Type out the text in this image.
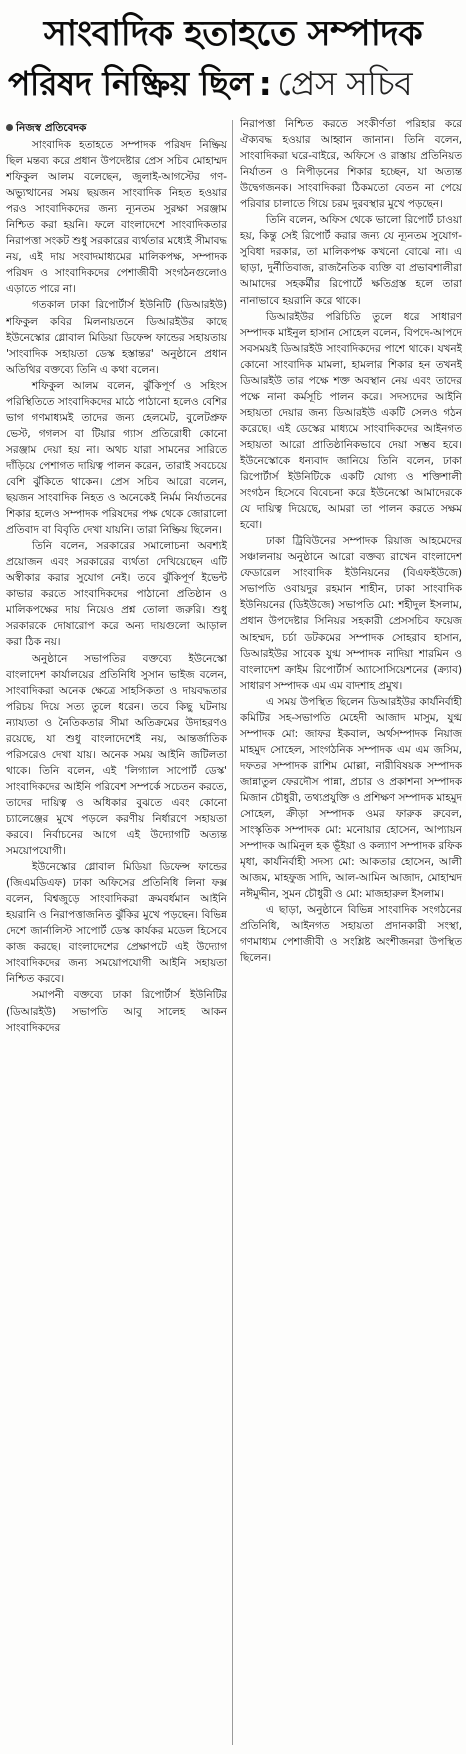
সাংবাদিক হতাহতে সম্পাদক
পরিষদ নিষ্ক্রিয় ছিল : প্রেস সচিব
নিজস্ব প্রতিবেদক

সাংবাদিক হতাহতে সম্পাদক পরিষদ নিষ্ক্রিয় ছিল মন্তব্য করে প্রধান উপদেষ্টার প্রেস সচিব মোহাম্মদ শফিকুল আলম বলেছেন, জুলাই-আগস্টের গণ-অভ্যুত্থানের সময় ছয়জন সাংবাদিক নিহত হওয়ার পরও সাংবাদিকদের জন্য ন্যূনতম সুরক্ষা সরঞ্জাম নিশ্চিত করা হয়নি। ফলে বাংলাদেশে সাংবাদিকতার নিরাপত্তা সংকট শুধু সরকারের ব্যর্থতার মধ্যেই সীমাবদ্ধ নয়, এই দায় সংবাদমাধ্যমের মালিকপক্ষ, সম্পাদক পরিষদ ও সাংবাদিকদের পেশাজীবী সংগঠনগুলোও এড়াতে পারে না।

গতকাল ঢাকা রিপোর্টার্স ইউনিটি (ডিআরইউ) শফিকুল কবির মিলনায়তনে ডিআরইউর কাছে ইউনেস্কোর গ্লোবাল মিডিয়া ডিফেন্স ফান্ডের সহায়তায় 'সাংবাদিক সহায়তা ডেস্ক হস্তান্তর' অনুষ্ঠানে প্রধান অতিথির বক্তব্যে তিনি এ কথা বলেন।

শফিকুল আলম বলেন, ঝুঁকিপূর্ণ ও সহিংস পরিস্থিতিতে সাংবাদিকদের মাঠে পাঠানো হলেও বেশির ভাগ গণমাধ্যমই তাদের জন্য হেলমেট, বুলেটপ্রুফ ভেস্ট, গগলস বা টিয়ার গ্যাস প্রতিরোধী কোনো সরঞ্জাম দেয়া হয় না। অথচ যারা সামনের সারিতে দাঁড়িয়ে পেশাগত দায়িত্ব পালন করেন, তারাই সবচেয়ে বেশি ঝুঁকিতে থাকেন। প্রেস সচিব আরো বলেন, ছয়জন সাংবাদিক নিহত ও অনেকেই নির্মম নির্যাতনের শিকার হলেও সম্পাদক পরিষদের পক্ষ থেকে জোরালো প্রতিবাদ বা বিবৃতি দেখা যায়নি। তারা নিষ্ক্রিয় ছিলেন।

তিনি বলেন, সরকারের সমালোচনা অবশ্যই প্রয়োজন এবং সরকারের ব্যর্থতা দেখিয়েছেন এটি অস্বীকার করার সুযোগ নেই। তবে ঝুঁকিপূর্ণ ইভেন্ট কাভার করতে সাংবাদিকদের পাঠানো প্রতিষ্ঠান ও মালিকপক্ষের দায় নিয়েও প্রশ্ন তোলা জরুরি। শুধু সরকারকে দোষারোপ করে অন্য দায়গুলো আড়াল করা ঠিক নয়।

অনুষ্ঠানে সভাপতির বক্তব্যে ইউনেস্কো বাংলাদেশ কার্যালয়ের প্রতিনিধি সুসান ভাইজ বলেন, সাংবাদিকরা অনেক ক্ষেত্রে সাহসিকতা ও দায়বদ্ধতার পরিচয় দিয়ে সত্য তুলে ধরেন। তবে কিছু ঘটনায় ন্যায্যতা ও নৈতিকতার সীমা অতিক্রমের উদাহরণও রয়েছে, যা শুধু বাংলাদেশেই নয়, আন্তর্জাতিক পরিসরেও দেখা যায়। অনেক সময় আইনি জটিলতা থাকে। তিনি বলেন, এই 'লিগ্যাল সাপোর্ট ডেস্ক' সাংবাদিকদের আইনি পরিবেশ সম্পর্কে সচেতন করতে, তাদের দায়িত্ব ও অধিকার বুঝতে এবং কোনো চ্যালেঞ্জের মুখে পড়লে করণীয় নির্ধারণে সহায়তা করবে। নির্বাচনের আগে এই উদ্যোগটি অত্যন্ত সময়োপযোগী।

ইউনেস্কোর গ্লোবাল মিডিয়া ডিফেন্স ফান্ডের (জিএমডিএফ) ঢাকা অফিসের প্রতিনিধি লিনা ফক্স বলেন, বিশ্বজুড়ে সাংবাদিকরা ক্রমবর্ধমান আইনি হয়রানি ও নিরাপত্তাজনিত ঝুঁকির মুখে পড়ছেন। বিভিন্ন দেশে জার্নালিস্ট সাপোর্ট ডেস্ক কার্যকর মডেল হিসেবে কাজ করছে। বাংলাদেশের প্রেক্ষাপটে এই উদ্যোগ সাংবাদিকদের জন্য সময়োপযোগী আইনি সহায়তা নিশ্চিত করবে।

সমাপনী বক্তব্যে ঢাকা রিপোর্টার্স ইউনিটির (ডিআরইউ) সভাপতি আবু সালেহ আকন সাংবাদিকদের

নিরাপত্তা নিশ্চিত করতে সংকীর্ণতা পরিহার করে ঐক্যবদ্ধ হওয়ার আহ্বান জানান। তিনি বলেন, সাংবাদিকরা ঘরে-বাইরে, অফিসে ও রাস্তায় প্রতিনিয়ত নির্যাতন ও নিপীড়নের শিকার হচ্ছেন, যা অত্যন্ত উদ্বেগজনক। সাংবাদিকরা ঠিকমতো বেতন না পেয়ে পরিবার চালাতে গিয়ে চরম দুরবস্থার মুখে পড়ছেন।

তিনি বলেন, অফিস থেকে ভালো রিপোর্ট চাওয়া হয়, কিন্তু সেই রিপোর্ট করার জন্য যে ন্যূনতম সুযোগ-সুবিধা দরকার, তা মালিকপক্ষ কখনো বোঝে না। এ ছাড়া, দুর্নীতিবাজ, রাজনৈতিক ব্যক্তি বা প্রভাবশালীরা আমাদের সহকর্মীর রিপোর্টে ক্ষতিগ্রস্ত হলে তারা নানাভাবে হয়রানি করে থাকে।

ডিআরইউর পরিচিতি তুলে ধরে সাধারণ সম্পাদক মাইনুল হাসান সোহেল বলেন, বিপদে-আপদে সবসময়ই ডিআরইউ সাংবাদিকদের পাশে থাকে। যখনই কোনো সাংবাদিক মামলা, হামলার শিকার হন তখনই ডিআরইউ তার পক্ষে শক্ত অবস্থান নেয় এবং তাদের পক্ষে নানা কর্মসূচি পালন করে। সদস্যদের আইনি সহায়তা দেয়ার জন্য ডিআরইউ একটি সেলও গঠন করেছে। এই ডেস্কের মাধ্যমে সাংবাদিকদের আইনগত সহায়তা আরো প্রাতিষ্ঠানিকভাবে দেয়া সম্ভব হবে। ইউনেস্কোকে ধন্যবাদ জানিয়ে তিনি বলেন, ঢাকা রিপোর্টার্স ইউনিটিকে একটি যোগ্য ও শক্তিশালী সংগঠন হিসেবে বিবেচনা করে ইউনেস্কো আমাদেরকে যে দায়িত্ব দিয়েছে, আমরা তা পালন করতে সক্ষম হবো।

ঢাকা ট্রিবিউনের সম্পাদক রিয়াজ আহমেদের সঞ্চালনায় অনুষ্ঠানে আরো বক্তব্য রাখেন বাংলাদেশ ফেডারেল সাংবাদিক ইউনিয়নের (বিএফইউজে) সভাপতি ওবায়দুর রহমান শাহীন, ঢাকা সাংবাদিক ইউনিয়নের (ডিইউজে) সভাপতি মো: শহীদুল ইসলাম, প্রধান উপদেষ্টার সিনিয়র সহকারী প্রেসসচিব ফয়েজ আহম্মদ, চর্চা ডটকমের সম্পাদক সোহরাব হাসান, ডিআরইউর সাবেক যুগ্ম সম্পাদক নাদিয়া শারমিন ও বাংলাদেশ ক্রাইম রিপোর্টার্স অ্যাসোসিয়েশনের (ক্র্যাব) সাধারণ সম্পাদক এম এম বাদশাহ প্রমুখ।

এ সময় উপস্থিত ছিলেন ডিআরইউর কার্যনির্বাহী কমিটির সহ-সভাপতি মেহেদী আজাদ মাসুম, যুগ্ম সম্পাদক মো: জাফর ইকবাল, অর্থসম্পাদক নিয়াজ মাহমুদ সোহেল, সাংগঠনিক সম্পাদক এম এম জসিম, দফতর সম্পাদক রাশিম মোল্লা, নারীবিষয়ক সম্পাদক জান্নাতুল ফেরদৌস পান্না, প্রচার ও প্রকাশনা সম্পাদক মিজান চৌধুরী, তথ্যপ্রযুক্তি ও প্রশিক্ষণ সম্পাদক মাহমুদ সোহেল, ক্রীড়া সম্পাদক ওমর ফারুক রুবেল, সাংস্কৃতিক সম্পাদক মো: মনোয়ার হোসেন, আপ্যায়ন সম্পাদক আমিনুল হক ভূঁইয়া ও কল্যাণ সম্পাদক রফিক মৃধা, কার্যনির্বাহী সদস্য মো: আকতার হোসেন, আলী আজম, মাহফুজ সাদি, আল-আমিন আজাদ, মোহাম্মদ নঈমুদ্দীন, সুমন চৌধুরী ও মো: মাজহারুল ইসলাম।

এ ছাড়া, অনুষ্ঠানে বিভিন্ন সাংবাদিক সংগঠনের প্রতিনিধি, আইনগত সহায়তা প্রদানকারী সংস্থা, গণমাধ্যম পেশাজীবী ও সংশ্লিষ্ট অংশীজনরা উপস্থিত ছিলেন।
